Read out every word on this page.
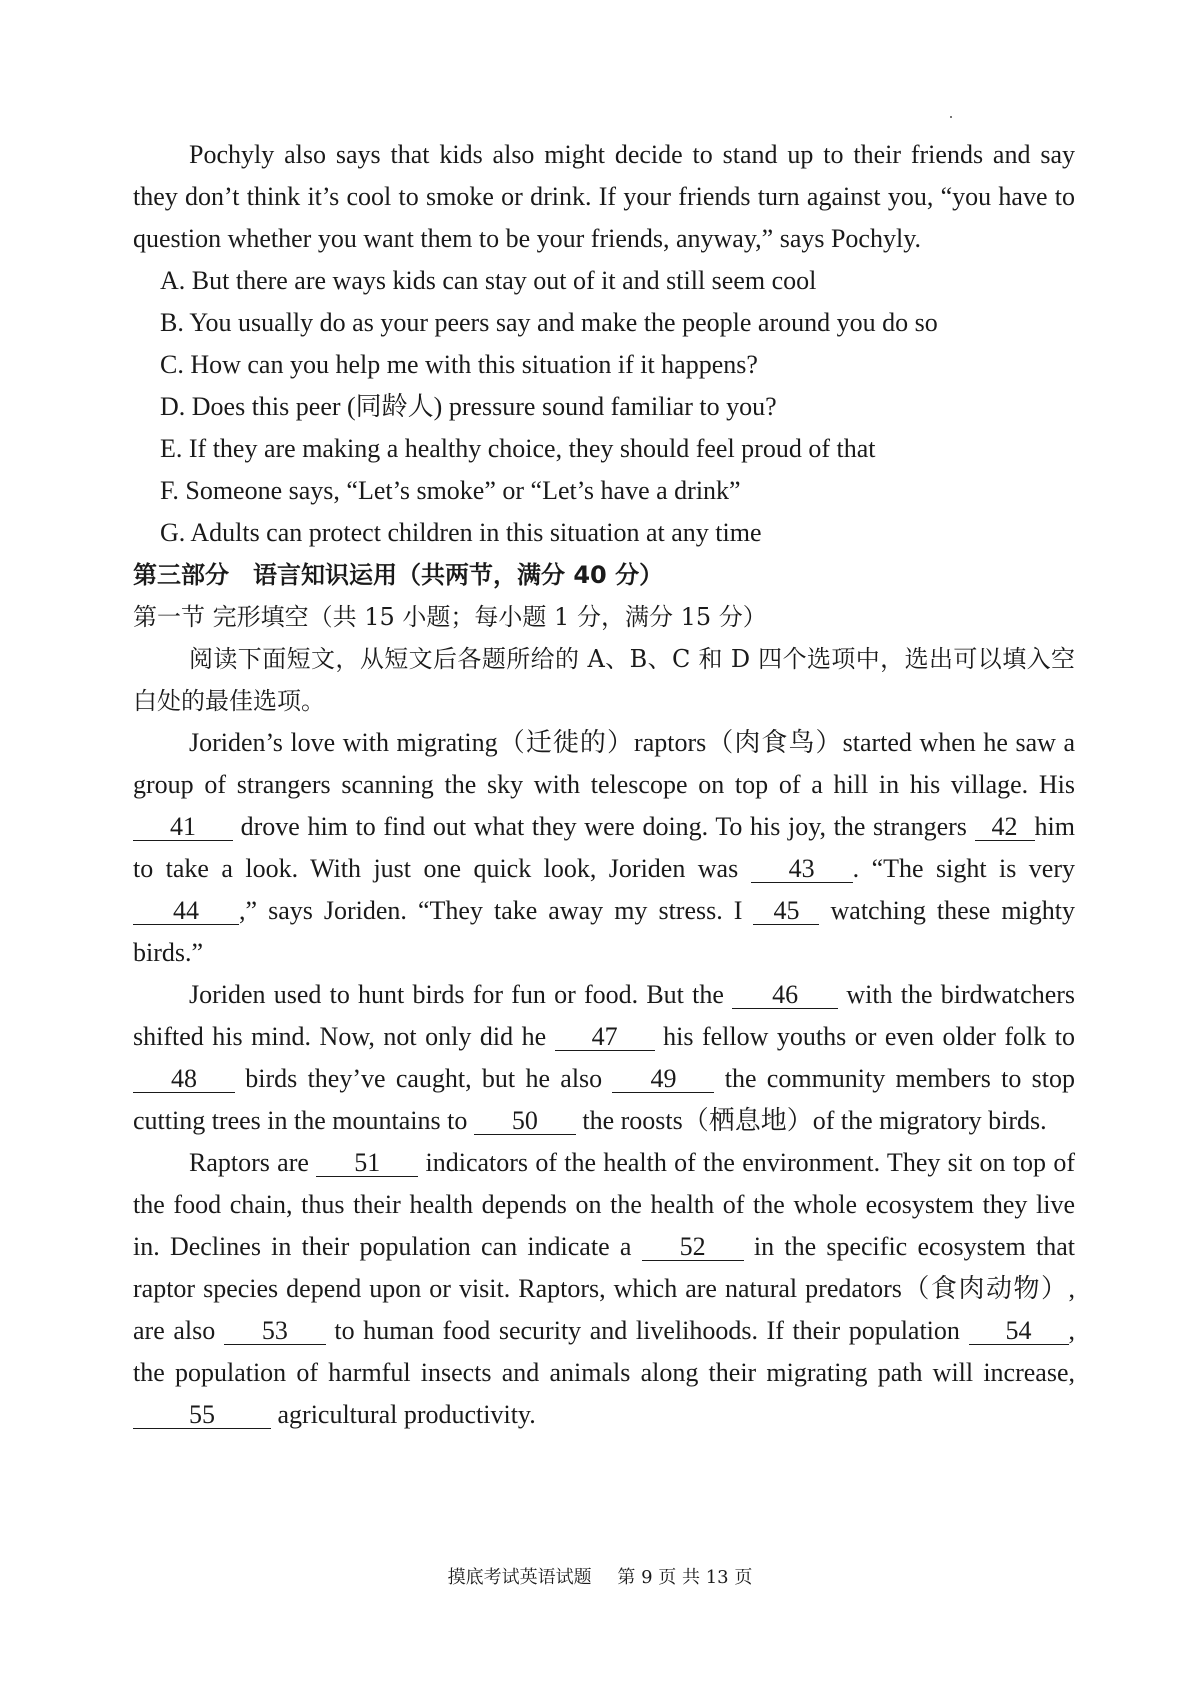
Pochyly also says that kids also might decide to stand up to their friends and say they don’t think it’s cool to smoke or drink. If your friends turn against you, “you have to question whether you want them to be your friends, anyway,” says Pochyly.

A. But there are ways kids can stay out of it and still seem cool

B. You usually do as your peers say and make the people around you do so

C. How can you help me with this situation if it happens?

D. Does this peer (同龄人) pressure sound familiar to you?

E. If they are making a healthy choice, they should feel proud of that

F. Someone says, “Let’s smoke” or “Let’s have a drink”

G. Adults can protect children in this situation at any time

第三部分　语言知识运用（共两节，满分 40 分）

第一节 完形填空（共 15 小题；每小题 1 分，满分 15 分）

阅读下面短文，从短文后各题所给的 A、B、C 和 D 四个选项中，选出可以填入空白处的最佳选项。

Joriden’s love with migrating（迁徙的）raptors（肉食鸟）started when he saw a group of strangers scanning the sky with telescope on top of a hill in his village. His41 drove him to find out what they were doing. To his joy, the strangers 42 him to take a look. With just one quick look, Joriden was 43 . “The sight is very 44 ,” says Joriden. “They take away my stress. I 45 watching these mighty birds.”

Joriden used to hunt birds for fun or food. But the 46 with the birdwatchers shifted his mind. Now, not only did he 47 his fellow youths or even older folk to 48 birds they’ve caught, but he also 49 the community members to stop cutting trees in the mountains to 50 the roosts（栖息地）of the migratory birds.

Raptors are 51 indicators of the health of the environment. They sit on top of the food chain, thus their health depends on the health of the whole ecosystem they live in. Declines in their population can indicate a 52 in the specific ecosystem that raptor species depend upon or visit. Raptors, which are natural predators（食肉动物）, are also 53 to human food security and livelihoods. If their population 54 , the population of harmful insects and animals along their migrating path will increase, 55 agricultural productivity.

摸底考试英语试题 第 9 页 共 13 页
